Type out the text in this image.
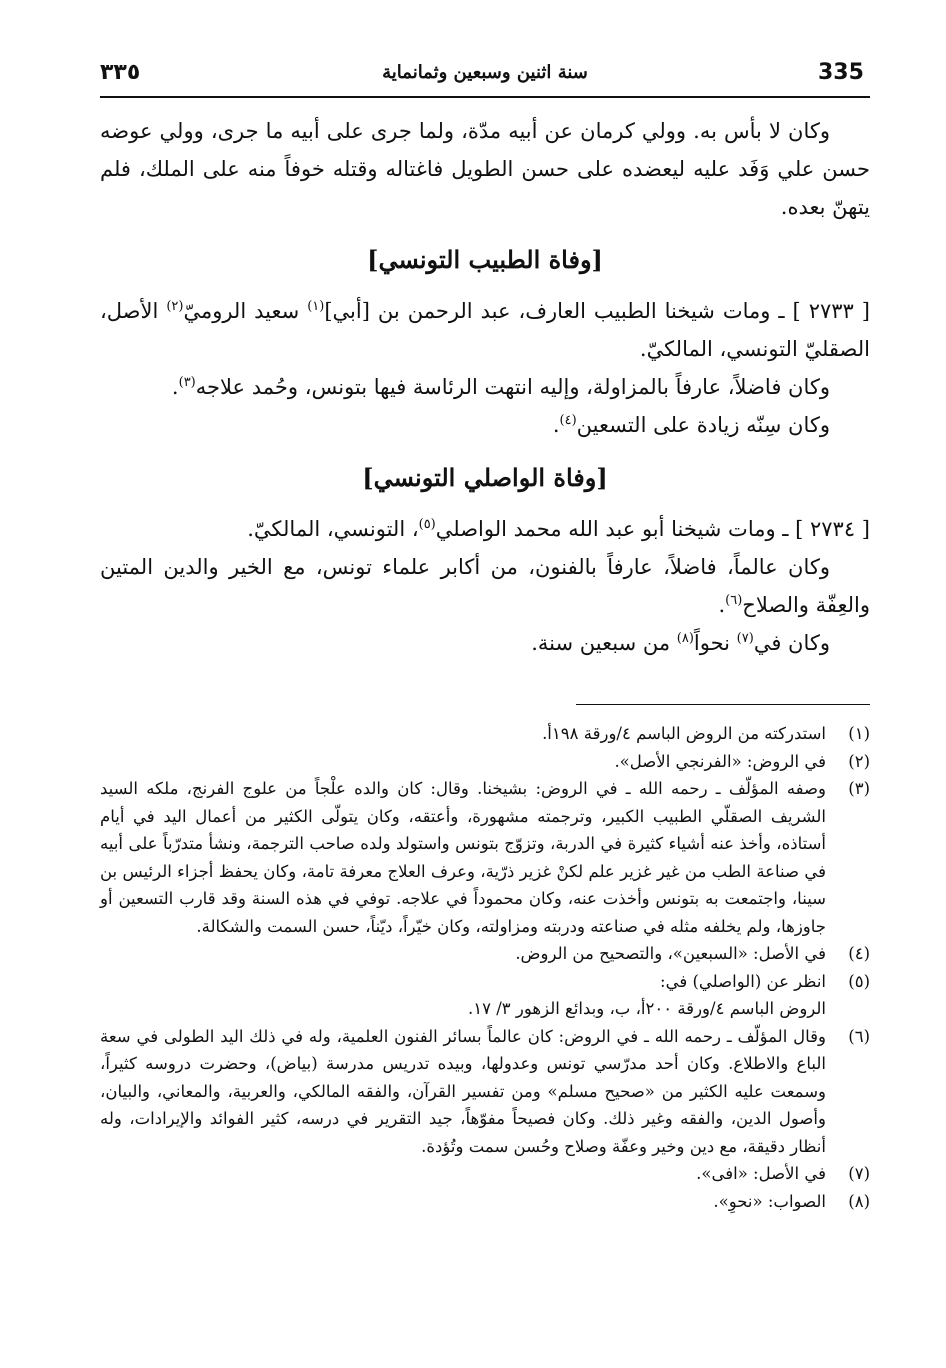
335
سنة اثنين وسبعين وثمانماية
٣٣٥

وكان لا بأس به. وولي كرمان عن أبيه مدّة، ولما جرى على أبيه ما جرى، وولي عوضه حسن علي وَفَد عليه ليعضده على حسن الطويل فاغتاله وقتله خوفاً منه على الملك، فلم يتهنّ بعده.

[وفاة الطبيب التونسي]

[ ٢٧٣٣ ] ـ ومات شيخنا الطبيب العارف، عبد الرحمن بن [أبي]$^{(١)}$ سعيد الروميّ$^{(٢)}$ الأصل، الصقليّ التونسي، المالكيّ.

وكان فاضلاً، عارفاً بالمزاولة، وإليه انتهت الرئاسة فيها بتونس، وحُمد علاجه$^{(٣)}$.

وكان سِنّه زيادة على التسعين$^{(٤)}$.

[وفاة الواصلي التونسي]

[ ٢٧٣٤ ] ـ ومات شيخنا أبو عبد الله محمد الواصلي$^{(٥)}$، التونسي، المالكيّ.

وكان عالماً، فاضلاً، عارفاً بالفنون، من أكابر علماء تونس، مع الخير والدين المتين والعِفّة والصلاح$^{(٦)}$.

وكان في$^{(٧)}$ نحواً$^{(٨)}$ من سبعين سنة.

(١)
استدركته من الروض الباسم ٤/ورقة ١٩٨أ.
(٢)
في الروض: «الفرنجي الأصل».
(٣)
وصفه المؤلّف ـ رحمه الله ـ في الروض: بشيخنا. وقال: كان والده علْجاً من علوج الفرنج، ملكه السيد الشريف الصقلّي الطبيب الكبير، وترجمته مشهورة، وأعتقه، وكان يتولّى الكثير من أعمال اليد في أيام أستاذه، وأخذ عنه أشياء كثيرة في الدربة، وتزوّج بتونس واستولد ولده صاحب الترجمة، ونشأ متدرّباً على أبيه في صناعة الطب من غير غزير علم لكنْ غزير ذرّية، وعرف العلاج معرفة تامة، وكان يحفظ أجزاء الرئيس بن سينا، واجتمعت به بتونس وأخذت عنه، وكان محموداً في علاجه. توفي في هذه السنة وقد قارب التسعين أو جاوزها، ولم يخلفه مثله في صناعته ودربته ومزاولته، وكان خيّراً، ديّناً، حسن السمت والشكالة.
(٤)
في الأصل: «السبعين»، والتصحيح من الروض.
(٥)
انظر عن (الواصلي) في:
الروض الباسم ٤/ورقة ٢٠٠أ، ب، وبدائع الزهور ٣/ ١٧.
(٦)
وقال المؤلّف ـ رحمه الله ـ في الروض: كان عالماً بسائر الفنون العلمية، وله في ذلك اليد الطولى في سعة الباع والاطلاع. وكان أحد مدرّسي تونس وعدولها، وبيده تدريس مدرسة (بياض)، وحضرت دروسه كثيراً، وسمعت عليه الكثير من «صحيح مسلم» ومن تفسير القرآن، والفقه المالكي، والعربية، والمعاني، والبيان، وأصول الدين، والفقه وغير ذلك. وكان فصيحاً مفوّهاً، جيد التقرير في درسه، كثير الفوائد والإيرادات، وله أنظار دقيقة، مع دين وخير وعفّة وصلاح وحُسن سمت وتُؤدة.
(٧)
في الأصل: «افى».
(٨)
الصواب: «نحوِ».
